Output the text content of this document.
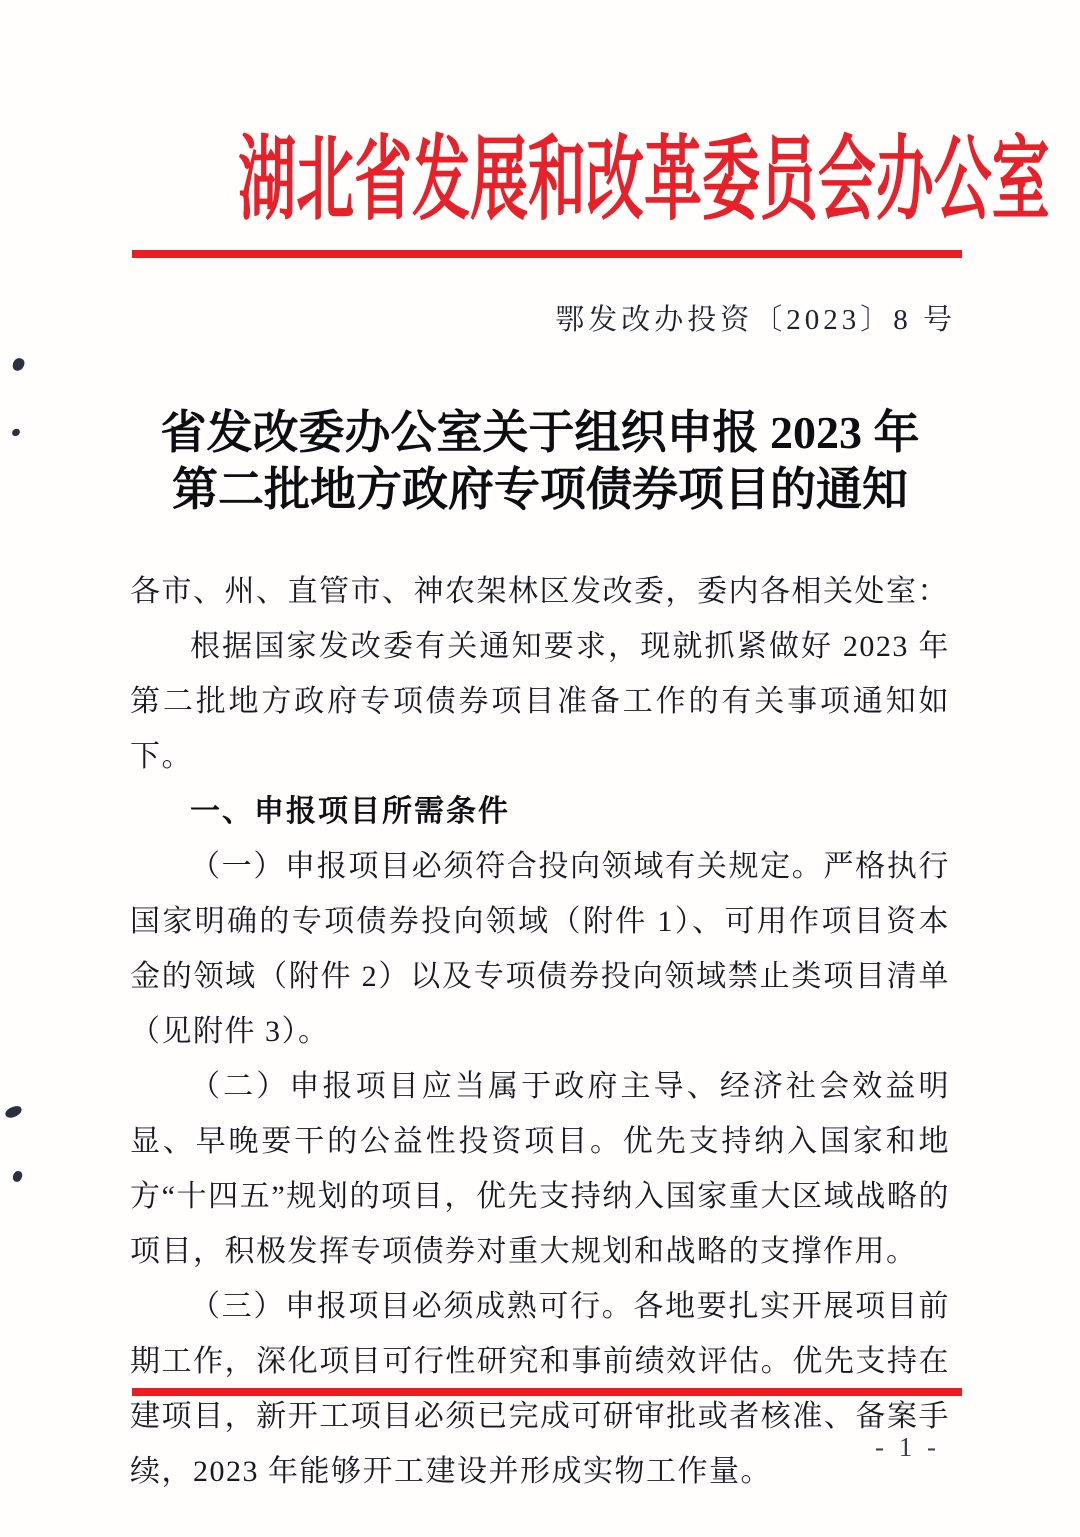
湖北省发展和改革委员会办公室
鄂发改办投资〔2023〕8 号
省发改委办公室关于组织申报 2023 年
第二批地方政府专项债券项目的通知

各市、州、直管市、神农架林区发改委，委内各相关处室：

根据国家发改委有关通知要求，现就抓紧做好 2023 年第二批地方政府专项债券项目准备工作的有关事项通知如下。

一、申报项目所需条件

（一）申报项目必须符合投向领域有关规定。严格执行国家明确的专项债券投向领域（附件 1）、可用作项目资本金的领域（附件 2）以及专项债券投向领域禁止类项目清单（见附件 3）。

（二）申报项目应当属于政府主导、经济社会效益明显、早晚要干的公益性投资项目。优先支持纳入国家和地方“十四五”规划的项目，优先支持纳入国家重大区域战略的项目，积极发挥专项债券对重大规划和战略的支撑作用。

（三）申报项目必须成熟可行。各地要扎实开展项目前期工作，深化项目可行性研究和事前绩效评估。优先支持在建项目，新开工项目必须已完成可研审批或者核准、备案手续，2023 年能够开工建设并形成实物工作量。

- 1 -
